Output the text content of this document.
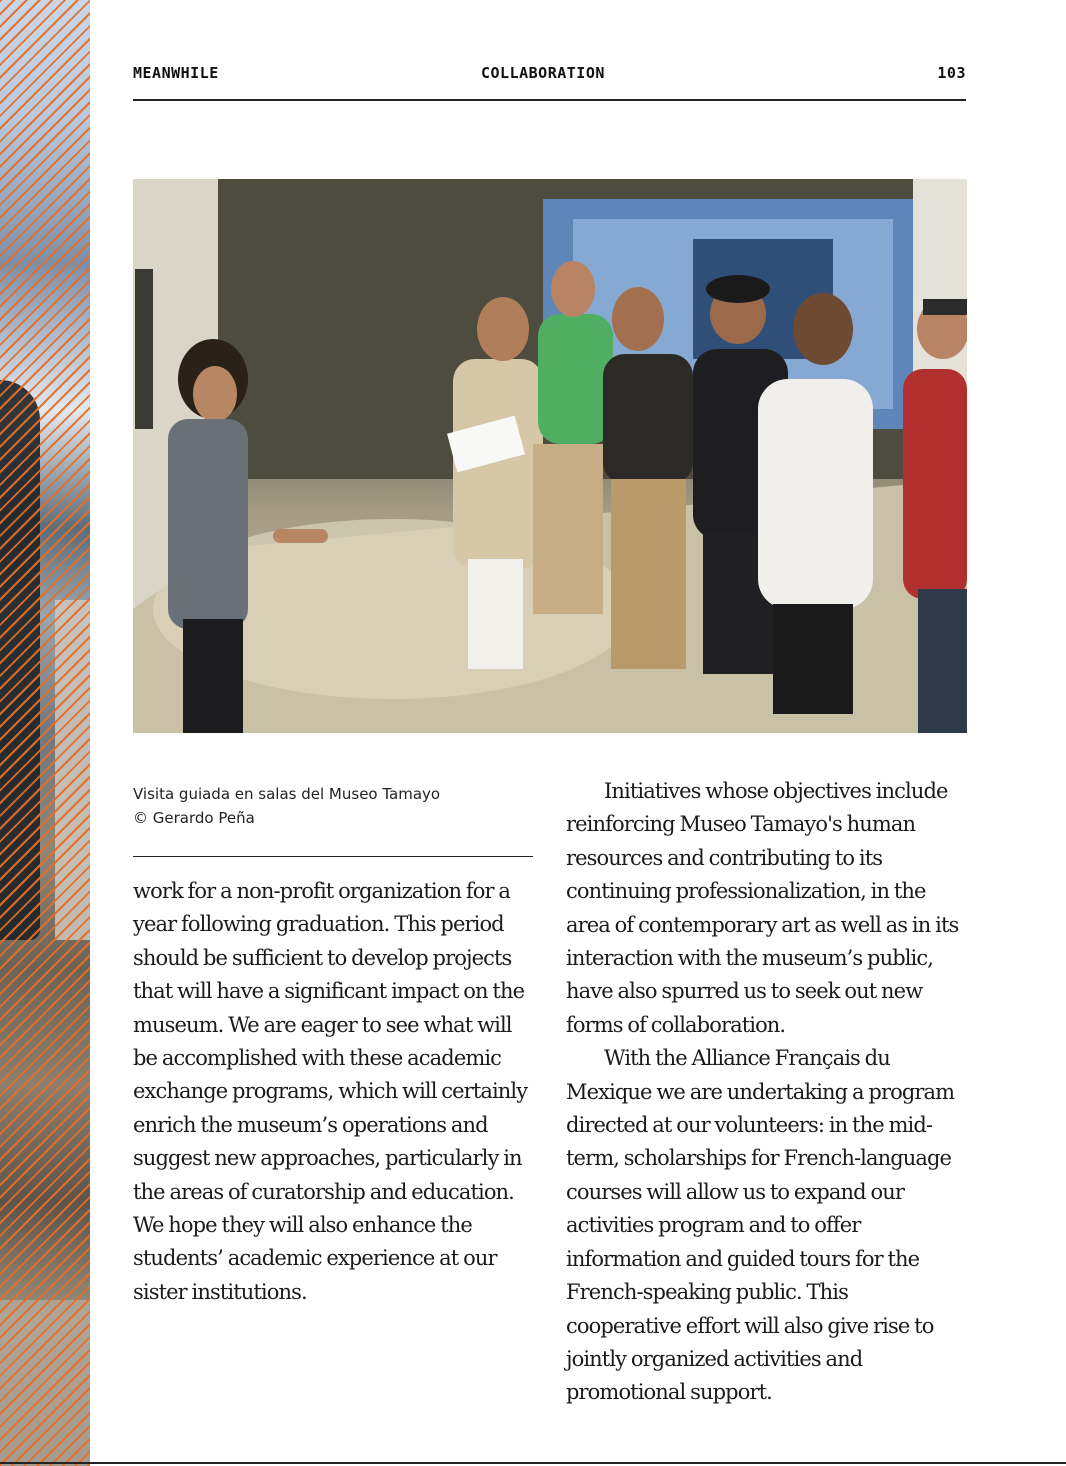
MEANWHILE	COLLABORATION	103
Visita guiada en salas del Museo Tamayo
© Gerardo Peña

work for a non-profit organization for a year following graduation. This period should be sufficient to develop projects that will have a significant impact on the museum. We are eager to see what will be accomplished with these academic exchange programs, which will certainly enrich the museum’s operations and suggest new approaches, particularly in the areas of curatorship and education. We hope they will also enhance the students’ academic experience at our sister institutions.

Initiatives whose objectives include reinforcing Museo Tamayo's human resources and contributing to its continuing professionalization, in the area of contemporary art as well as in its interaction with the museum’s public, have also spurred us to seek out new forms of collaboration.

With the Alliance Français du Mexique we are undertaking a program directed at our volunteers: in the mid-term, scholarships for French-language courses will allow us to expand our activities program and to offer information and guided tours for the French-speaking public. This cooperative effort will also give rise to jointly organized activities and promotional support.
